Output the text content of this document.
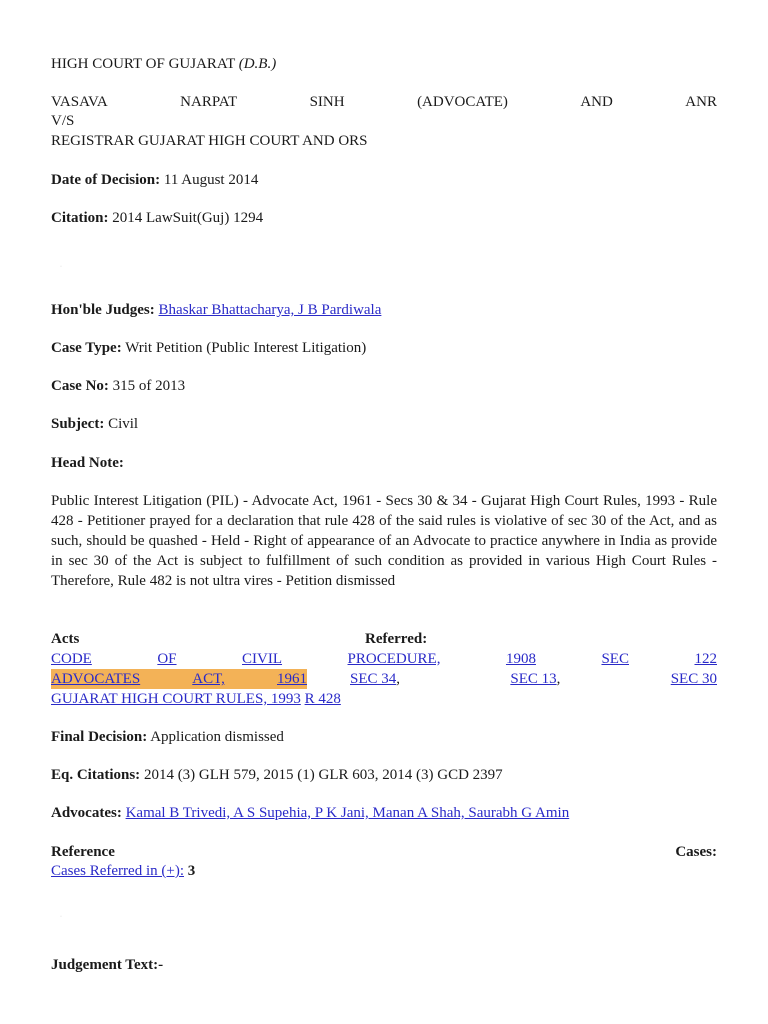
HIGH COURT OF GUJARAT (D.B.)
VASAVA	NARPAT	SINH	(ADVOCATE)	AND	ANR
V/S
REGISTRAR GUJARAT HIGH COURT AND ORS
Date of Decision: 11 August 2014
Citation: 2014 LawSuit(Guj) 1294
·
Hon'ble Judges: Bhaskar Bhattacharya, J B Pardiwala
Case Type: Writ Petition (Public Interest Litigation)
Case No: 315 of 2013
Subject: Civil
Head Note:
Public Interest Litigation (PIL) - Advocate Act, 1961 - Secs 30 & 34 - Gujarat High Court Rules, 1993 - Rule 428 - Petitioner prayed for a declaration that rule 428 of the said rules is violative of sec 30 of the Act, and as such, should be quashed - Held - Right of appearance of an Advocate to practice anywhere in India as provide in sec 30 of the Act is subject to fulfillment of such condition as provided in various High Court Rules - Therefore, Rule 482 is not ultra vires - Petition dismissed
Acts	Referred:
CODE	OF	CIVIL	PROCEDURE,	1908	SEC	122
ADVOCATES	ACT,	1961	SEC 34,	SEC 13,	SEC 30
GUJARAT HIGH COURT RULES, 1993 R 428
Final Decision: Application dismissed
Eq. Citations: 2014 (3) GLH 579, 2015 (1) GLR 603, 2014 (3) GCD 2397
Advocates: Kamal B Trivedi, A S Supehia, P K Jani, Manan A Shah, Saurabh G Amin
Reference	Cases:
Cases Referred in (+): 3
·
Judgement Text:-
